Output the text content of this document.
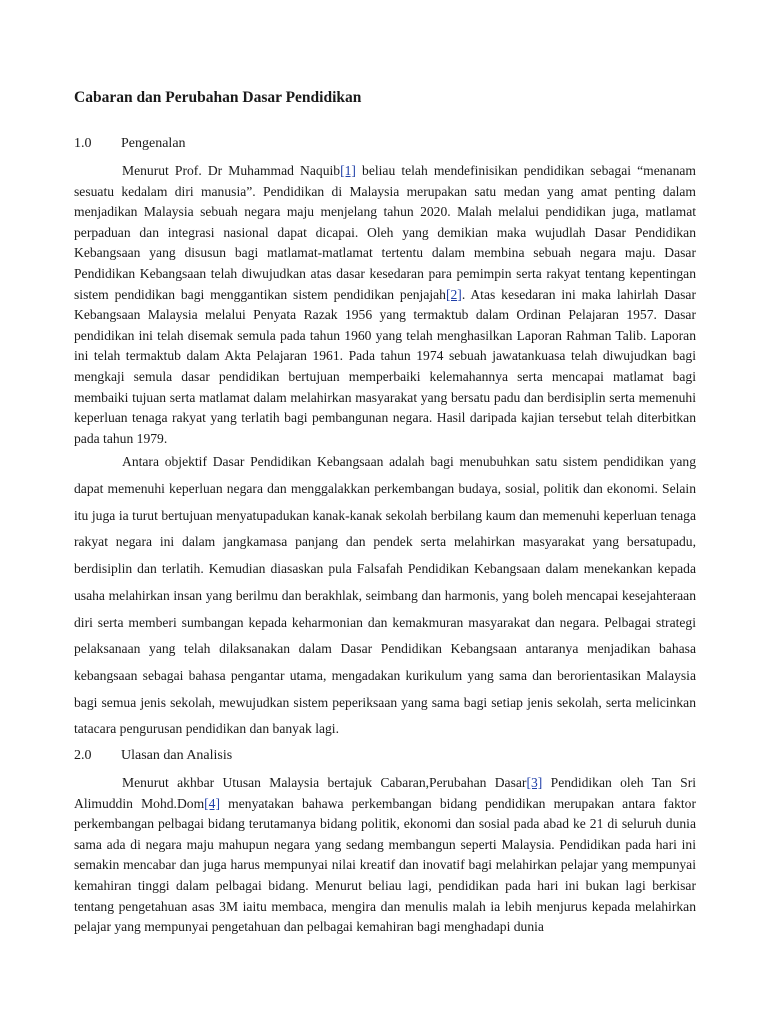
Cabaran dan Perubahan Dasar Pendidikan
1.0 Pengenalan

Menurut Prof. Dr Muhammad Naquib[1] beliau telah mendefinisikan pendidikan sebagai “menanam sesuatu kedalam diri manusia”. Pendidikan di Malaysia merupakan satu medan yang amat penting dalam menjadikan Malaysia sebuah negara maju menjelang tahun 2020. Malah melalui pendidikan juga, matlamat perpaduan dan integrasi nasional dapat dicapai. Oleh yang demikian maka wujudlah Dasar Pendidikan Kebangsaan yang disusun bagi matlamat-matlamat tertentu dalam membina sebuah negara maju. Dasar Pendidikan Kebangsaan telah diwujudkan atas dasar kesedaran para pemimpin serta rakyat tentang kepentingan sistem pendidikan bagi menggantikan sistem pendidikan penjajah[2]. Atas kesedaran ini maka lahirlah Dasar Kebangsaan Malaysia melalui Penyata Razak 1956 yang termaktub dalam Ordinan Pelajaran 1957. Dasar pendidikan ini telah disemak semula pada tahun 1960 yang telah menghasilkan Laporan Rahman Talib. Laporan ini telah termaktub dalam Akta Pelajaran 1961. Pada tahun 1974 sebuah jawatankuasa telah diwujudkan bagi mengkaji semula dasar pendidikan bertujuan memperbaiki kelemahannya serta mencapai matlamat bagi membaiki tujuan serta matlamat dalam melahirkan masyarakat yang bersatu padu dan berdisiplin serta memenuhi keperluan tenaga rakyat yang terlatih bagi pembangunan negara. Hasil daripada kajian tersebut telah diterbitkan pada tahun 1979.

Antara objektif Dasar Pendidikan Kebangsaan adalah bagi menubuhkan satu sistem pendidikan yang dapat memenuhi keperluan negara dan menggalakkan perkembangan budaya, sosial, politik dan ekonomi. Selain itu juga ia turut bertujuan menyatupadukan kanak-kanak sekolah berbilang kaum dan memenuhi keperluan tenaga rakyat negara ini dalam jangkamasa panjang dan pendek serta melahirkan masyarakat yang bersatupadu, berdisiplin dan terlatih. Kemudian diasaskan pula Falsafah Pendidikan Kebangsaan dalam menekankan kepada usaha melahirkan insan yang berilmu dan berakhlak, seimbang dan harmonis, yang boleh mencapai kesejahteraan diri serta memberi sumbangan kepada keharmonian dan kemakmuran masyarakat dan negara. Pelbagai strategi pelaksanaan yang telah dilaksanakan dalam Dasar Pendidikan Kebangsaan antaranya menjadikan bahasa kebangsaan sebagai bahasa pengantar utama, mengadakan kurikulum yang sama dan berorientasikan Malaysia bagi semua jenis sekolah, mewujudkan sistem peperiksaan yang sama bagi setiap jenis sekolah, serta melicinkan tatacara pengurusan pendidikan dan banyak lagi.

2.0 Ulasan dan Analisis

Menurut akhbar Utusan Malaysia bertajuk Cabaran,Perubahan Dasar[3] Pendidikan oleh Tan Sri Alimuddin Mohd.Dom[4] menyatakan bahawa perkembangan bidang pendidikan merupakan antara faktor perkembangan pelbagai bidang terutamanya bidang politik, ekonomi dan sosial pada abad ke 21 di seluruh dunia sama ada di negara maju mahupun negara yang sedang membangun seperti Malaysia. Pendidikan pada hari ini semakin mencabar dan juga harus mempunyai nilai kreatif dan inovatif bagi melahirkan pelajar yang mempunyai kemahiran tinggi dalam pelbagai bidang. Menurut beliau lagi, pendidikan pada hari ini bukan lagi berkisar tentang pengetahuan asas 3M iaitu membaca, mengira dan menulis malah ia lebih menjurus kepada melahirkan pelajar yang mempunyai pengetahuan dan pelbagai kemahiran bagi menghadapi dunia
